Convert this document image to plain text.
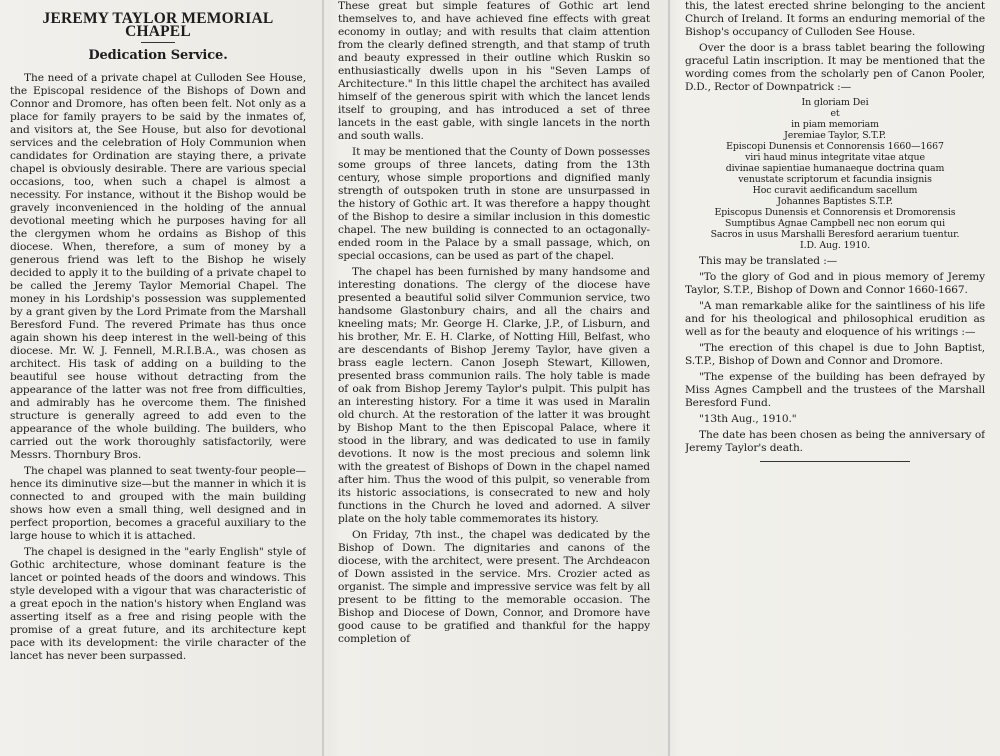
JEREMY TAYLOR MEMORIAL CHAPEL
Dedication Service.

The need of a private chapel at Culloden See House, the Episcopal residence of the Bishops of Down and Connor and Dromore, has often been felt. Not only as a place for family prayers to be said by the inmates of, and visitors at, the See House, but also for devotional services and the celebration of Holy Communion when candidates for Ordination are staying there, a private chapel is obviously desirable. There are various special occasions, too, when such a chapel is almost a necessity. For instance, without it the Bishop would be gravely inconvenienced in the holding of the annual devotional meeting which he purposes having for all the clergymen whom he ordains as Bishop of this diocese. When, therefore, a sum of money by a generous friend was left to the Bishop he wisely decided to apply it to the building of a private chapel to be called the Jeremy Taylor Memorial Chapel. The money in his Lordship's possession was supplemented by a grant given by the Lord Primate from the Marshall Beresford Fund. The revered Primate has thus once again shown his deep interest in the well-being of this diocese. Mr. W. J. Fennell, M.R.I.B.A., was chosen as architect. His task of adding on a building to the beautiful see house without detracting from the appearance of the latter was not free from difficulties, and admirably has he overcome them. The finished structure is generally agreed to add even to the appearance of the whole building. The builders, who carried out the work thoroughly satisfactorily, were Messrs. Thornbury Bros.

The chapel was planned to seat twenty-four people—hence its diminutive size—but the manner in which it is connected to and grouped with the main building shows how even a small thing, well designed and in perfect proportion, becomes a graceful auxiliary to the large house to which it is attached.

The chapel is designed in the "early English" style of Gothic architecture, whose dominant feature is the lancet or pointed heads of the doors and windows. This style developed with a vigour that was characteristic of a great epoch in the nation's history when England was asserting itself as a free and rising people with the promise of a great future, and its architecture kept pace with its development: the virile character of the lancet has never been surpassed.

These great but simple features of Gothic art lend themselves to, and have achieved fine effects with great economy in outlay; and with results that claim attention from the clearly defined strength, and that stamp of truth and beauty expressed in their outline which Ruskin so enthusiastically dwells upon in his "Seven Lamps of Architecture." In this little chapel the architect has availed himself of the generous spirit with which the lancet lends itself to grouping, and has introduced a set of three lancets in the east gable, with single lancets in the north and south walls.

It may be mentioned that the County of Down possesses some groups of three lancets, dating from the 13th century, whose simple proportions and dignified manly strength of outspoken truth in stone are unsurpassed in the history of Gothic art. It was therefore a happy thought of the Bishop to desire a similar inclusion in this domestic chapel. The new building is connected to an octagonally-ended room in the Palace by a small passage, which, on special occasions, can be used as part of the chapel.

The chapel has been furnished by many handsome and interesting donations. The clergy of the diocese have presented a beautiful solid silver Communion service, two handsome Glastonbury chairs, and all the chairs and kneeling mats; Mr. George H. Clarke, J.P., of Lisburn, and his brother, Mr. E. H. Clarke, of Notting Hill, Belfast, who are descendants of Bishop Jeremy Taylor, have given a brass eagle lectern. Canon Joseph Stewart, Killowen, presented brass communion rails. The holy table is made of oak from Bishop Jeremy Taylor's pulpit. This pulpit has an interesting history. For a time it was used in Maralin old church. At the restoration of the latter it was brought by Bishop Mant to the then Episcopal Palace, where it stood in the library, and was dedicated to use in family devotions. It now is the most precious and solemn link with the greatest of Bishops of Down in the chapel named after him. Thus the wood of this pulpit, so venerable from its historic associations, is consecrated to new and holy functions in the Church he loved and adorned. A silver plate on the holy table commemorates its history.

On Friday, 7th inst., the chapel was dedicated by the Bishop of Down. The dignitaries and canons of the diocese, with the architect, were present. The Archdeacon of Down assisted in the service. Mrs. Crozier acted as organist. The simple and impressive service was felt by all present to be fitting to the memorable occasion. The Bishop and Diocese of Down, Connor, and Dromore have good cause to be gratified and thankful for the happy completion of

this, the latest erected shrine belonging to the ancient Church of Ireland. It forms an enduring memorial of the Bishop's occupancy of Culloden See House.

Over the door is a brass tablet bearing the following graceful Latin inscription. It may be mentioned that the wording comes from the scholarly pen of Canon Pooler, D.D., Rector of Downpatrick :—

In gloriam Dei
et
in piam memoriam
Jeremiae Taylor, S.T.P.
Episcopi Dunensis et Connorensis 1660—1667
viri haud minus integritate vitae atque
divinae sapientiae humanaeque doctrina quam
venustate scriptorum et facundia insignis
Hoc curavit aedificandum sacellum
Johannes Baptistes S.T.P.
Episcopus Dunensis et Connorensis et Dromorensis
Sumptibus Agnae Campbell nec non eorum qui
Sacros in usus Marshalli Beresford aerarium tuentur.
I.D. Aug. 1910.

This may be translated :—

"To the glory of God and in pious memory of Jeremy Taylor, S.T.P., Bishop of Down and Connor 1660-1667.

"A man remarkable alike for the saintliness of his life and for his theological and philosophical erudition as well as for the beauty and eloquence of his writings :—

"The erection of this chapel is due to John Baptist, S.T.P., Bishop of Down and Connor and Dromore.

"The expense of the building has been defrayed by Miss Agnes Campbell and the trustees of the Marshall Beresford Fund.

"13th Aug., 1910."

The date has been chosen as being the anniversary of Jeremy Taylor's death.
